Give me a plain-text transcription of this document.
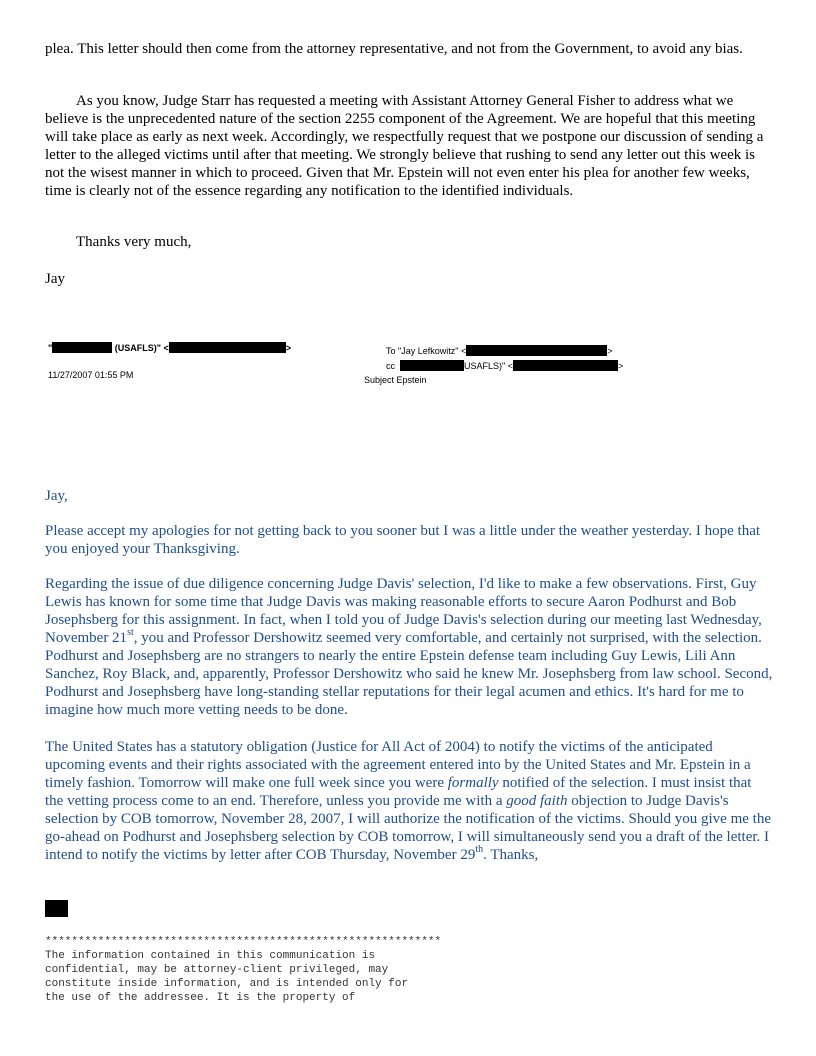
plea. This letter should then come from the attorney representative, and not from the Government, to avoid any bias.

As you know, Judge Starr has requested a meeting with Assistant Attorney General Fisher to address what we believe is the unprecedented nature of the section 2255 component of the Agreement. We are hopeful that this meeting will take place as early as next week. Accordingly, we respectfully request that we postpone our discussion of sending a letter to the alleged victims until after that meeting. We strongly believe that rushing to send any letter out this week is not the wisest manner in which to proceed. Given that Mr. Epstein will not even enter his plea for another few weeks, time is clearly not of the essence regarding any notification to the identified individuals.

Thanks very much,

Jay

"	(USAFLS)" <	>
11/27/2007 01:55 PM
To "Jay Lefkowitz" <	>
cc	USAFLS)" <	>
Subject Epstein

Jay,

Please accept my apologies for not getting back to you sooner but I was a little under the weather yesterday. I hope that you enjoyed your Thanksgiving.

Regarding the issue of due diligence concerning Judge Davis' selection, I'd like to make a few observations. First, Guy Lewis has known for some time that Judge Davis was making reasonable efforts to secure Aaron Podhurst and Bob Josephsberg for this assignment. In fact, when I told you of Judge Davis's selection during our meeting last Wednesday, November 21st, you and Professor Dershowitz seemed very comfortable, and certainly not surprised, with the selection. Podhurst and Josephsberg are no strangers to nearly the entire Epstein defense team including Guy Lewis, Lili Ann Sanchez, Roy Black, and, apparently, Professor Dershowitz who said he knew Mr. Josephsberg from law school. Second, Podhurst and Josephsberg have long-standing stellar reputations for their legal acumen and ethics. It's hard for me to imagine how much more vetting needs to be done.

The United States has a statutory obligation (Justice for All Act of 2004) to notify the victims of the anticipated upcoming events and their rights associated with the agreement entered into by the United States and Mr. Epstein in a timely fashion. Tomorrow will make one full week since you were formally notified of the selection. I must insist that the vetting process come to an end. Therefore, unless you provide me with a good faith objection to Judge Davis's selection by COB tomorrow, November 28, 2007, I will authorize the notification of the victims. Should you give me the go-ahead on Podhurst and Josephsberg selection by COB tomorrow, I will simultaneously send you a draft of the letter. I intend to notify the victims by letter after COB Thursday, November 29th. Thanks,

************************************************************
The information contained in this communication is
confidential, may be attorney-client privileged, may
constitute inside information, and is intended only for
the use of the addressee. It is the property of
